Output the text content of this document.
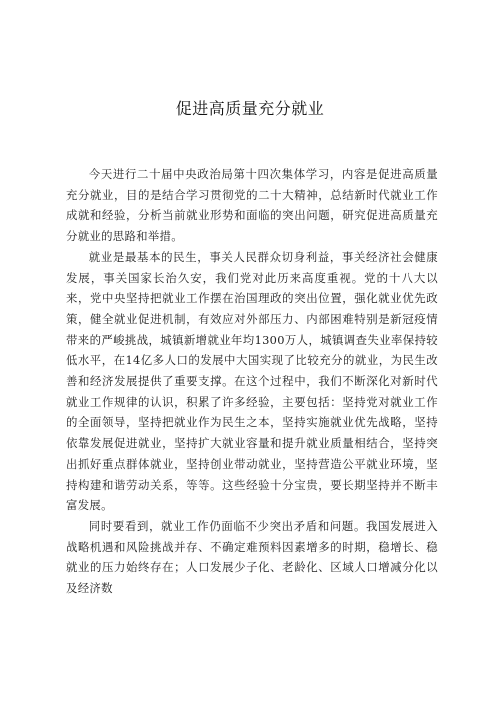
促进高质量充分就业

今天进行二十届中央政治局第十四次集体学习，内容是促进高质量充分就业，目的是结合学习贯彻党的二十大精神，总结新时代就业工作成就和经验，分析当前就业形势和面临的突出问题，研究促进高质量充分就业的思路和举措。

就业是最基本的民生，事关人民群众切身利益，事关经济社会健康发展，事关国家长治久安，我们党对此历来高度重视。党的十八大以来，党中央坚持把就业工作摆在治国理政的突出位置，强化就业优先政策，健全就业促进机制，有效应对外部压力、内部困难特别是新冠疫情带来的严峻挑战，城镇新增就业年均1300万人，城镇调查失业率保持较低水平，在14亿多人口的发展中大国实现了比较充分的就业，为民生改善和经济发展提供了重要支撑。在这个过程中，我们不断深化对新时代就业工作规律的认识，积累了许多经验，主要包括：坚持党对就业工作的全面领导，坚持把就业作为民生之本，坚持实施就业优先战略，坚持依靠发展促进就业，坚持扩大就业容量和提升就业质量相结合，坚持突出抓好重点群体就业，坚持创业带动就业，坚持营造公平就业环境，坚持构建和谐劳动关系，等等。这些经验十分宝贵，要长期坚持并不断丰富发展。

同时要看到，就业工作仍面临不少突出矛盾和问题。我国发展进入战略机遇和风险挑战并存、不确定难预料因素增多的时期，稳增长、稳就业的压力始终存在；人口发展少子化、老龄化、区域人口增减分化以及经济数
